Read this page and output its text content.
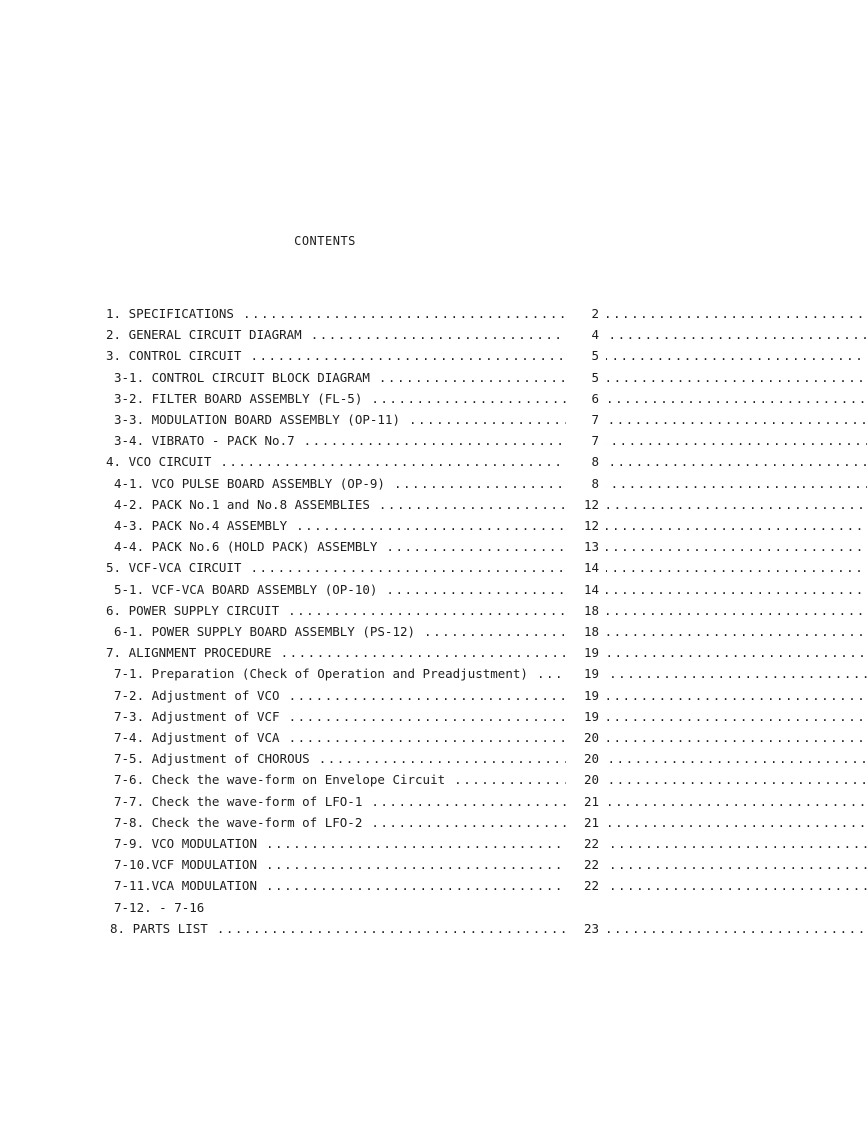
CONTENTS
1. SPECIFICATIONS .....	2
2. GENERAL CIRCUIT DIAGRAM .....	4
3. CONTROL CIRCUIT .....	5
3-1. CONTROL CIRCUIT BLOCK DIAGRAM .....	5
3-2. FILTER BOARD ASSEMBLY (FL-5) .....	6
3-3. MODULATION BOARD ASSEMBLY (OP-11) .....	7
3-4. VIBRATO - PACK No.7 .....	7
4. VCO CIRCUIT .....	8
4-1. VCO PULSE BOARD ASSEMBLY (OP-9) .....	8
4-2. PACK No.1 and No.8 ASSEMBLIES .....	12
4-3. PACK No.4 ASSEMBLY .....	12
4-4. PACK No.6 (HOLD PACK) ASSEMBLY .....	13
5. VCF-VCA CIRCUIT .....	14
5-1. VCF-VCA BOARD ASSEMBLY (OP-10) .....	14
6. POWER SUPPLY CIRCUIT .....	18
6-1. POWER SUPPLY BOARD ASSEMBLY (PS-12) .....	18
7. ALIGNMENT PROCEDURE .....	19
7-1. Preparation (Check of Operation and Preadjustment) .....	19
7-2. Adjustment of VCO .....	19
7-3. Adjustment of VCF .....	19
7-4. Adjustment of VCA .....	20
7-5. Adjustment of CHOROUS .....	20
7-6. Check the wave-form on Envelope Circuit .....	20
7-7. Check the wave-form of LFO-1 .....	21
7-8. Check the wave-form of LFO-2 .....	21
7-9. VCO MODULATION .....	22
7-10.VCF MODULATION .....	22
7-11.VCA MODULATION .....	22
7-12. - 7-16
8. PARTS LIST .....	23
